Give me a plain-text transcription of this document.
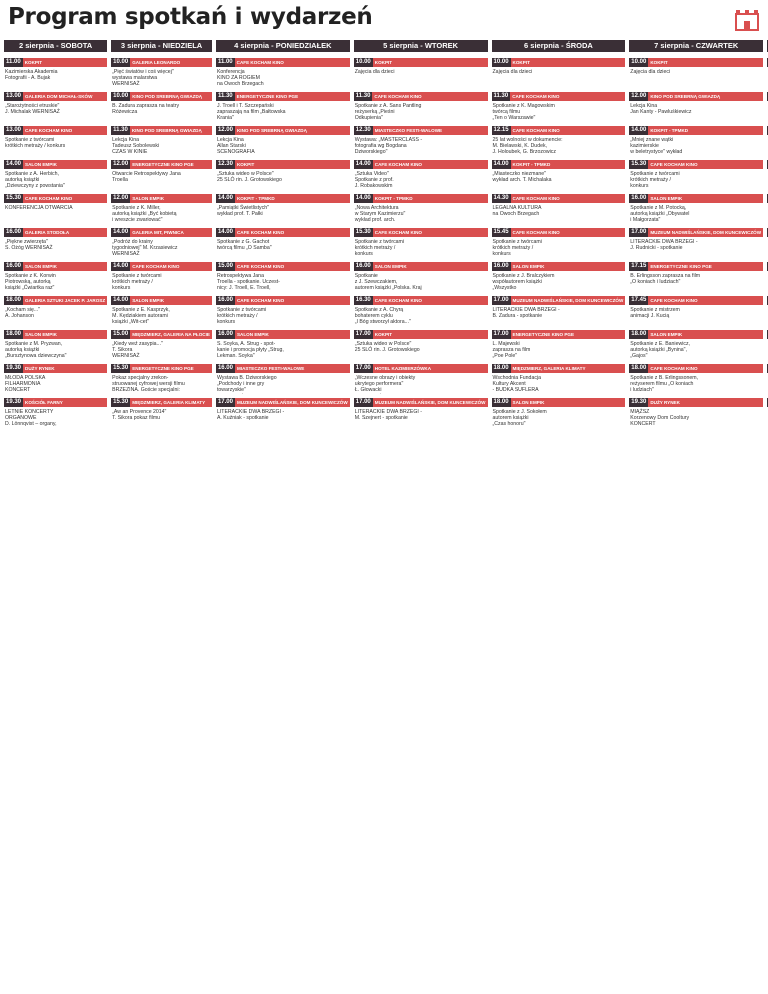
Program spotkań i wydarzeń
2 sierpnia - SOBOTA
11.00 KOKPIT
Kazimierska Akademia
Fotografii - A. Bujak
13.00 GALERIA DOM MICHAŁ-SKÓW
„Starożytności etruskie"
J. Michalak WERNISAŻ
13.00 CAFE KOCHAM KINO
Spotkanie z twórcami
krótkich metraży / konkurs
14.00 SALON EMPIK
Spotkanie z A. Herbich,
autorką książki
„Dziewczyny z powstania"
15.30 CAFE KOCHAM KINO
KONFERENCJA OTWARCIA
16.00 GALERIA STODOŁA
„Piękne zwierzęta"
S. Ożóg WERNISAŻ
16.00 SALON EMPIK
Spotkanie z K. Korwin
Piotrowską, autorką
książki „Ćwiartka raz"
18.00 GALERIA SZTUKI JACEK P. JAROSZ
„Kocham się..."
A. Johanson
18.00 SALON EMPIK
Spotkanie z M. Pryzwan,
autorką książki
„Bursztynowa dziewczyna"
19.30 DUŻY RYNEK
MŁODA POLSKA
FILHARMONIA
KONCERT
19.30 KOŚCIÓŁ FARNY
LETNIE KONCERTY
ORGANOWE
D. Lönnqvist – organy,

3 sierpnia - NIEDZIELA
10.00 GALERIA LEONARDO
„Pięć światów i coś więcej"
wystawa malarstwa
WERNISAŻ
10.00 KINO POD SREBRNĄ GWIAZDĄ
B. Zadura zaprasza na teatry
Różewicza
11.30 KINO POD SREBRNĄ GWIAZDĄ
Lekcja Kina
Tadeusz Sobolewski
CZAS W KINIE
12.00 ENERGETYCZNE KINO PGE
Otwarcie Retrospektywy Jana
Troella
12.00 SALON EMPIK
Spotkanie z K. Miller,
autorką książki „Być kobietą
i wreszcie zwariować"
14.00 GALERIA MIT, PIWNICA
„Podróż do krainy
tygodniowej" M. Krzasiewicz
WERNISAŻ
14.00 CAFE KOCHAM KINO
Spotkanie z twórcami
krótkich metraży /
konkurs
14.00 SALON EMPIK
Spotkanie z E. Kasprzyk,
M. Kędziakiem autorami
książki „Wit-cet"
15.00 MIĘDZMIERZ, GALERIA NA PŁOCIE
„Kiedy weź zasypia..."
T. Sikora
WERNISAŻ
15.30 ENERGETYCZNE KINO PGE
Pokaz specjalny zrekon-
struowanej cyfrowej wersji filmu
BRZEZINA. Goście specjalni:

15.30 MIĘDZMIERZ, GALERIA KLIMATY
„Aw an Provence 2014"
T. Sikora pokaz filmu
4 sierpnia - PONIEDZIAŁEK
11.00 CAFE KOCHAM KINO
Konferencja
KINO ZA ROGIEM
na Owoch Brzegach
11.30 ENERGETYCZNE KINO PGE
J. Troell i T. Szczepański
zapraszają na film „Bałtowska
Krania"
12.00 KINO POD SREBRNĄ GWIAZDĄ
Lekcja Kina
Allan Starski
SCENOGRAFIA
12.30 KOKPIT
„Sztuka wideo w Polsce"
25 SLÓ rin. J. Grotowskiego
14.00 KOKPIT - TPMKD
„Pamiątki Świetlistych"
wykład prof. T. Pałki
14.00 CAFE KOCHAM KINO
Spotkanie z G. Gachot
twórcą filmu „O Samba"
15.00 CAFE KOCHAM KINO
Retrospektywa Jana
Troella - spotkanie. Uczest-
nicy: J. Troell, E. Troell,

16.00 CAFE KOCHAM KINO
Spotkanie z twórcami
krótkich metraży /
konkurs
16.00 SALON EMPIK
S. Soyka, A. Strug - spot-
kanie i promocja płyty „Strug,
Lekman. Soyka"
16.00 MIASTECZKO FESTI-WALOWE
Wystawa B. Dziworskiego
„Podchody i inne gry
towarzyskie"

17.00 MUZEUM NADWIŚLAŃSKIE, DOM KUNCEWICZÓW
LITERACKIE DWA BRZEGI -
A. Kuźniak - spotkanie
5 sierpnia - WTOREK
10.00 KOKPIT
Zajęcia dla dzieci
11.30 CAFE KOCHAM KINO
Spotkanie z A. Sans Pantling
reżyserką „Pieśni
Odkupienia"
12.30 MIASTECZKO FESTI-WALOWE
Wystawa: „MASTERCLASS -
fotografia wg Bogdana
Dziworskiego"
14.00 CAFE KOCHAM KINO
„Sztuka Video"
Spotkanie z prof.
J. Robakowskim
14.00 KOKPIT - TPMKD
„Nowa Architektura
w Starym Kazimierzu"
wykład prof. arch.

15.30 CAFE KOCHAM KINO
Spotkanie z twórcami
krótkich metraży /
konkurs
16.00 SALON EMPIK
Spotkanie
z J. Szewczakiem,
autorem książki „Polska. Kraj

16.30 CAFE KOCHAM KINO
Spotkanie z A. Chyrą
bohaterem cyklu
„I Bóg stworzył aktora..."
17.00 KOKPIT
„Sztuka wideo w Polsce"
25 SLÓ rin. J. Grotowskiego
17.00 HOTEL KAZIMIERZÓWKA
„Wczesne obrazy i obiekty
ukrytego performera"
Ł. Głowacki

17.00 MUZEUM NADWIŚLAŃSKIE, DOM KUNCEWICZÓW
LITERACKIE DWA BRZEGI -
M. Szejnert - spotkanie
6 sierpnia - ŚRODA
10.00 KOKPIT
Zajęcia dla dzieci
11.30 CAFE KOCHAM KINO
Spotkanie z K. Magowskim
twórcą filmu
„Ten o Warszawie"
12.15 CAFE KOCHAM KINO
25 lat wolności w dokumencie:
M. Bielawski, K. Dudek,
J. Holoubek, G. Brzozowicz
14.00 KOKPIT - TPMKD
„Miasteczko niezmane"
wykład arch. T. Michalaka
14.30 CAFE KOCHAM KINO
LEGALNA KULTURA
na Owoch Brzegach
15.45 CAFE KOCHAM KINO
Spotkanie z twórcami
krótkich metraży /
konkurs
16.00 SALON EMPIK
Spotkanie z J. Bralczykiem
współautorem książki
„Wszystko

17.00 MUZEUM NADWIŚLAŃSKIE, DOM KUNCEWICZÓW
LITERACKIE DWA BRZEGI -
B. Zadura - spotkanie
17.00 ENERGETYCZNE KINO PGE
L. Majewski
zaprasza na film
„Poe Pole"
18.00 MIĘDZMIERZ, GALERIA KLIMATY
Wschodnia Fundacja
Kultury Akcent
- BUDKA SUFLERA

18.00 SALON EMPIK
Spotkanie z J. Sokołem
autorem książki
„Czas honoru"
7 sierpnia - CZWARTEK
10.00 KOKPIT
Zajęcia dla dzieci
12.00 KINO POD SREBRNĄ GWIAZDĄ
Lekcja Kina
Jan Kanty - Pawluśkiewicz
14.00 KOKPIT - TPMKD
„Mniej znane wątki
kazimierskie
w beletrystyce" wykład

15.30 CAFE KOCHAM KINO
Spotkanie z twórcami
krótkich metraży /
konkurs
16.00 SALON EMPIK
Spotkanie z M. Potocką,
autorką książki „Obywatel
i Małgorzata"
17.00 MUZEUM NADWIŚLAŃSKIE, DOM KUNCEWICZÓW
LITERACKIE DWA BRZEGI -
J. Rudnicki - spotkanie
17.15 ENERGETYCZNE KINO PGE
B. Erlingsson zaprasza na film
„O koniach i ludziach"
17.45 CAFE KOCHAM KINO
Spotkanie z mistrzem
animacji J. Kucią
18.00 SALON EMPIK
Spotkanie z E. Baniewicz,
autorką książki „Bynina",
„Gajos"
18.00 CAFE KOCHAM KINO
Spotkanie z B. Erlingssonem,
reżyserem filmu „O koniach
i ludziach"
19.30 DUŻY RYNEK
MIĄŻSZ
Korzenowy Dom Cooltury
KONCERT
